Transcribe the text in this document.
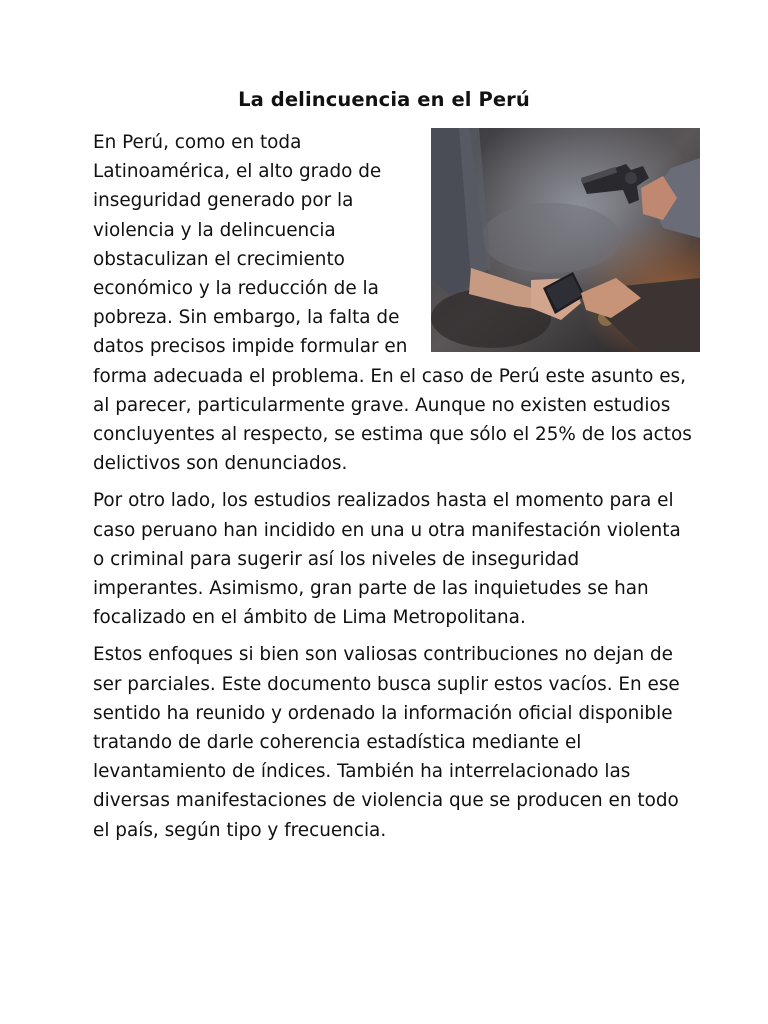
La delincuencia en el Perú

En Perú, como en toda Latinoamérica, el alto grado de inseguridad generado por la violencia y la delincuencia obstaculizan el crecimiento económico y la reducción de la pobreza. Sin embargo, la falta de datos precisos impide formular en forma adecuada el problema. En el caso de Perú este asunto es, al parecer, particularmente grave. Aunque no existen estudios concluyentes al respecto, se estima que sólo el 25% de los actos delictivos son denunciados.

Por otro lado, los estudios realizados hasta el momento para el caso peruano han incidido en una u otra manifestación violenta o criminal para sugerir así los niveles de inseguridad imperantes. Asimismo, gran parte de las inquietudes se han focalizado en el ámbito de Lima Metropolitana.

Estos enfoques si bien son valiosas contribuciones no dejan de ser parciales. Este documento busca suplir estos vacíos. En ese sentido ha reunido y ordenado la información oficial disponible tratando de darle coherencia estadística mediante el levantamiento de índices. También ha interrelacionado las diversas manifestaciones de violencia que se producen en todo el país, según tipo y frecuencia.
